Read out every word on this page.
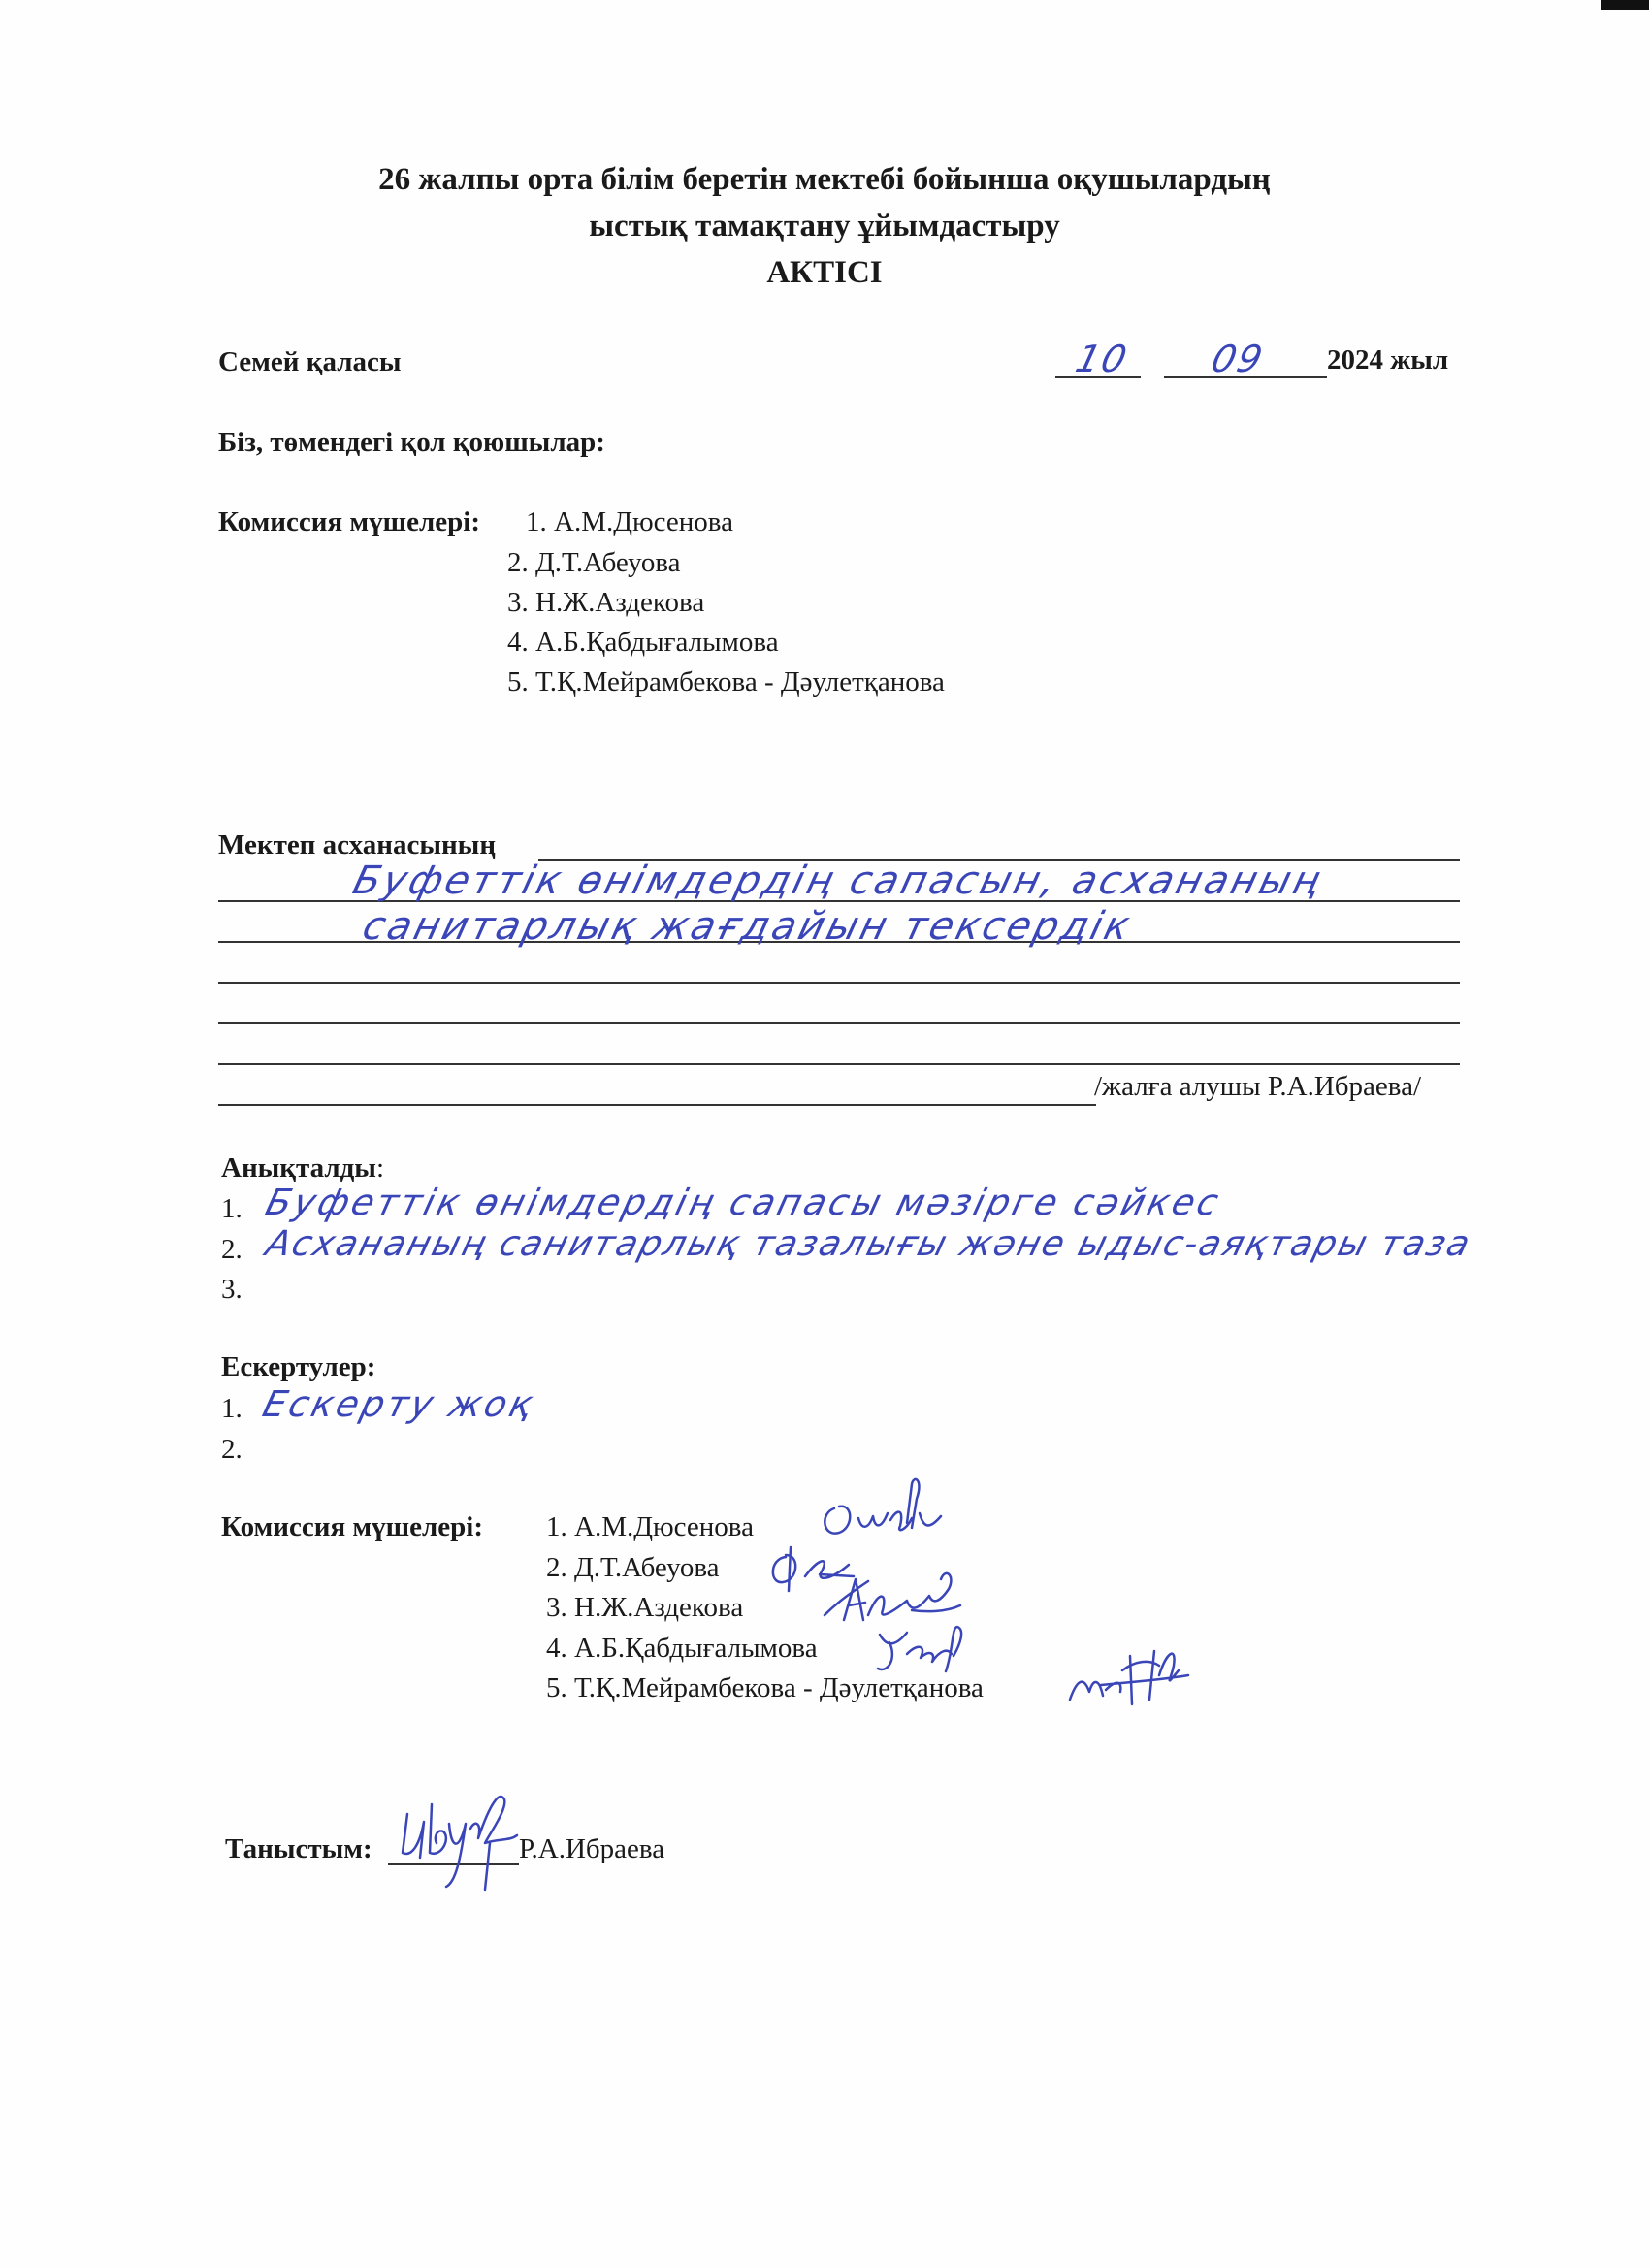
26 жалпы орта білім беретін мектебі бойынша оқушылардың
ыстық тамақтану ұйымдастыру
АКТІСІ
Семей қаласы	10 09 2024 жыл
Біз, төмендегі қол қоюшылар:
Комиссия мүшелері: 1. А.М.Дюсенова
2. Д.Т.Абеуова
3. Н.Ж.Аздекова
4. А.Б.Қабдығалымова
5. Т.Қ.Мейрамбекова - Дәулетқанова
Мектеп асханасының
Буфеттік өнімдердің сапасын, асхананың
санитарлық жағдайын тексердік
/жалға алушы Р.А.Ибраева/
Анықталды:
1. Буфеттік өнімдердің сапасы мәзірге сәйкес
2. Асхананың санитарлық тазалығы және ыдыс-аяқтары таза
3.
Ескертулер:
1. Ескерту жоқ
2.
Комиссия мүшелері: 1. А.М.Дюсенова
2. Д.Т.Абеуова
3. Н.Ж.Аздекова
4. А.Б.Қабдығалымова
5. Т.Қ.Мейрамбекова - Дәулетқанова
Таныстым:	Р.А.Ибраева
